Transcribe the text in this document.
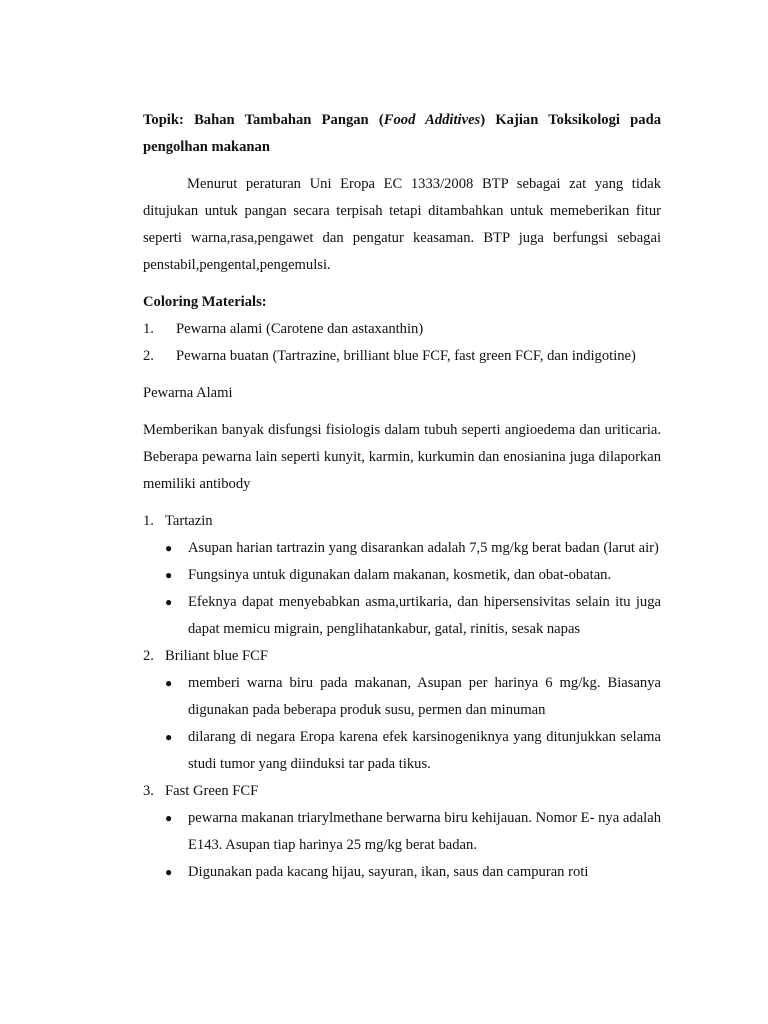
Topik: Bahan Tambahan Pangan (Food Additives) Kajian Toksikologi pada pengolhan makanan

Menurut peraturan Uni Eropa EC 1333/2008 BTP sebagai zat yang tidak ditujukan untuk pangan secara terpisah tetapi ditambahkan untuk memeberikan fitur seperti warna,rasa,pengawet dan pengatur keasaman. BTP juga berfungsi sebagai penstabil,pengental,pengemulsi.

Coloring Materials:

1. Pewarna alami (Carotene dan astaxanthin)
2. Pewarna buatan (Tartrazine, brilliant blue FCF, fast green FCF, dan indigotine)

Pewarna Alami

Memberikan banyak disfungsi fisiologis dalam tubuh seperti angioedema dan uriticaria. Beberapa pewarna lain seperti kunyit, karmin, kurkumin dan enosianina juga dilaporkan memiliki antibody

1. Tartazin
●	Asupan harian tartrazin yang disarankan adalah 7,5 mg/kg berat badan (larut air)
●	Fungsinya untuk digunakan dalam makanan, kosmetik, dan obat-obatan.
●	Efeknya dapat menyebabkan asma,urtikaria, dan hipersensivitas selain itu juga dapat memicu migrain, penglihatankabur, gatal, rinitis, sesak napas
2. Briliant blue FCF
●	memberi warna biru pada makanan, Asupan per harinya 6 mg/kg. Biasanya digunakan pada beberapa produk susu, permen dan minuman
●	dilarang di negara Eropa karena efek karsinogeniknya yang ditunjukkan selama studi tumor yang diinduksi tar pada tikus.
3. Fast Green FCF
●	pewarna makanan triarylmethane berwarna biru kehijauan. Nomor E- nya adalah E143. Asupan tiap harinya 25 mg/kg berat badan.
●	Digunakan pada kacang hijau, sayuran, ikan, saus dan campuran roti
